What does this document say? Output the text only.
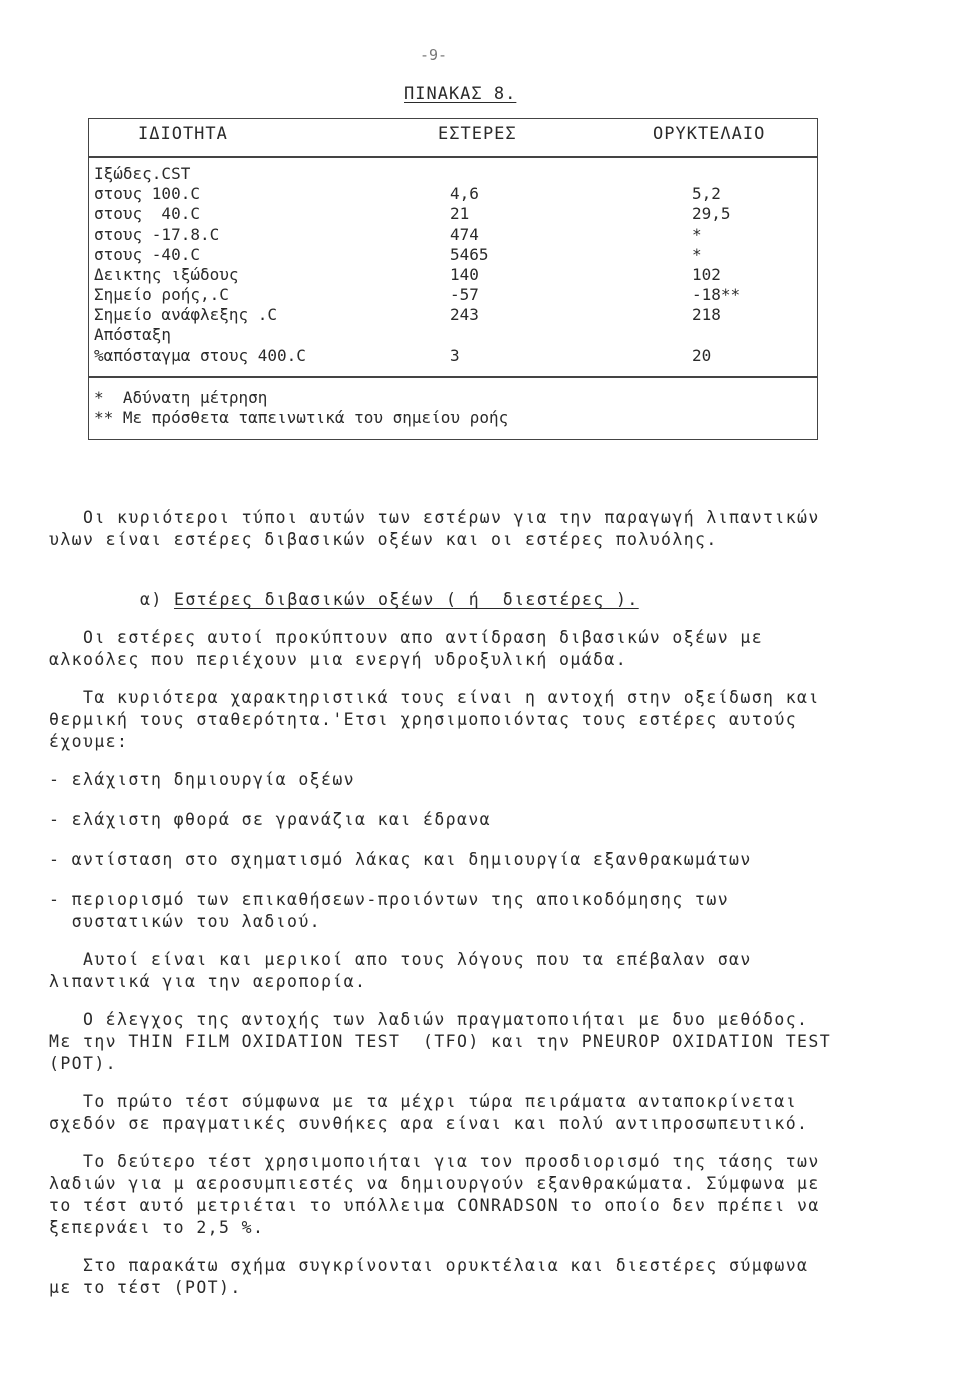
-9-
ΠΙΝΑΚΑΣ 8.
ΙΔΙΟΤΗΤΑ	ΕΣΤΕΡΕΣ	ΟΡΥΚΤΕΛΑΙΟ
Ιξώδες.CST
στους 100.C	4,6	5,2
στους  40.C	21	29,5
στους -17.8.C	474	*
στους -40.C	5465	*
Δεικτης ιξώδους	140	102
Σημείο ροής,.C	-57	-18**
Σημείο ανάφλεξης .C	243	218
Απόσταξη
%απόσταγμα στους 400.C	3	20
*  Αδύνατη μέτρηση
** Με πρόσθετα ταπεινωτικά του σημείου ροής
Οι κυριότεροι τύποι αυτών των εστέρων για την παραγωγή λιπαντικών
υλων είναι εστέρες διβασικών οξέων και οι εστέρες πολυόλης.
α) Εστέρες διβασικών οξέων ( ή  διεστέρες ).
Οι εστέρες αυτοί προκύπτουν απο αντίδραση διβασικών οξέων με
αλκοόλες που περιέχουν μια ενεργή υδροξυλική ομάδα.
Τα κυριότερα χαρακτηριστικά τους είναι η αντοχή στην οξείδωση και
θερμική τους σταθερότητα.'Ετσι χρησιμοποιόντας τους εστέρες αυτούς
έχουμε:
- ελάχιστη δημιουργία οξέων
- ελάχιστη φθορά σε γρανάζια και έδρανα
- αντίσταση στο σχηματισμό λάκας και δημιουργία εξανθρακωμάτων
- περιορισμό των επικαθήσεων-προιόντων της αποικοδόμησης των
συστατικών του λαδιού.
Αυτοί είναι και μερικοί απο τους λόγους που τα επέβαλαν σαν
λιπαντικά για την αεροπορία.
Ο έλεγχος της αντοχής των λαδιών πραγματοποιήται με δυο μεθόδος.
Με την THIN FILM OXIDATION TEST  (TFO) και την PNEUROP OXIDATION TEST
(POT).
Το πρώτο τέστ σύμφωνα με τα μέχρι τώρα πειράματα ανταποκρίνεται
σχεδόν σε πραγματικές συνθήκες αρα είναι και πολύ αντιπροσωπευτικό.
Το δεύτερο τέστ χρησιμοποιήται για τον προσδιορισμό της τάσης των
λαδιών για μ αεροσυμπιεστές να δημιουργούν εξανθρακώματα. Σύμφωνα με
το τέστ αυτό μετριέται το υπόλλειμα CONRADSON το οποίο δεν πρέπει να
ξεπερνάει το 2,5 %.
Στο παρακάτω σχήμα συγκρίνονται ορυκτέλαια και διεστέρες σύμφωνα
με το τέστ (POT).
